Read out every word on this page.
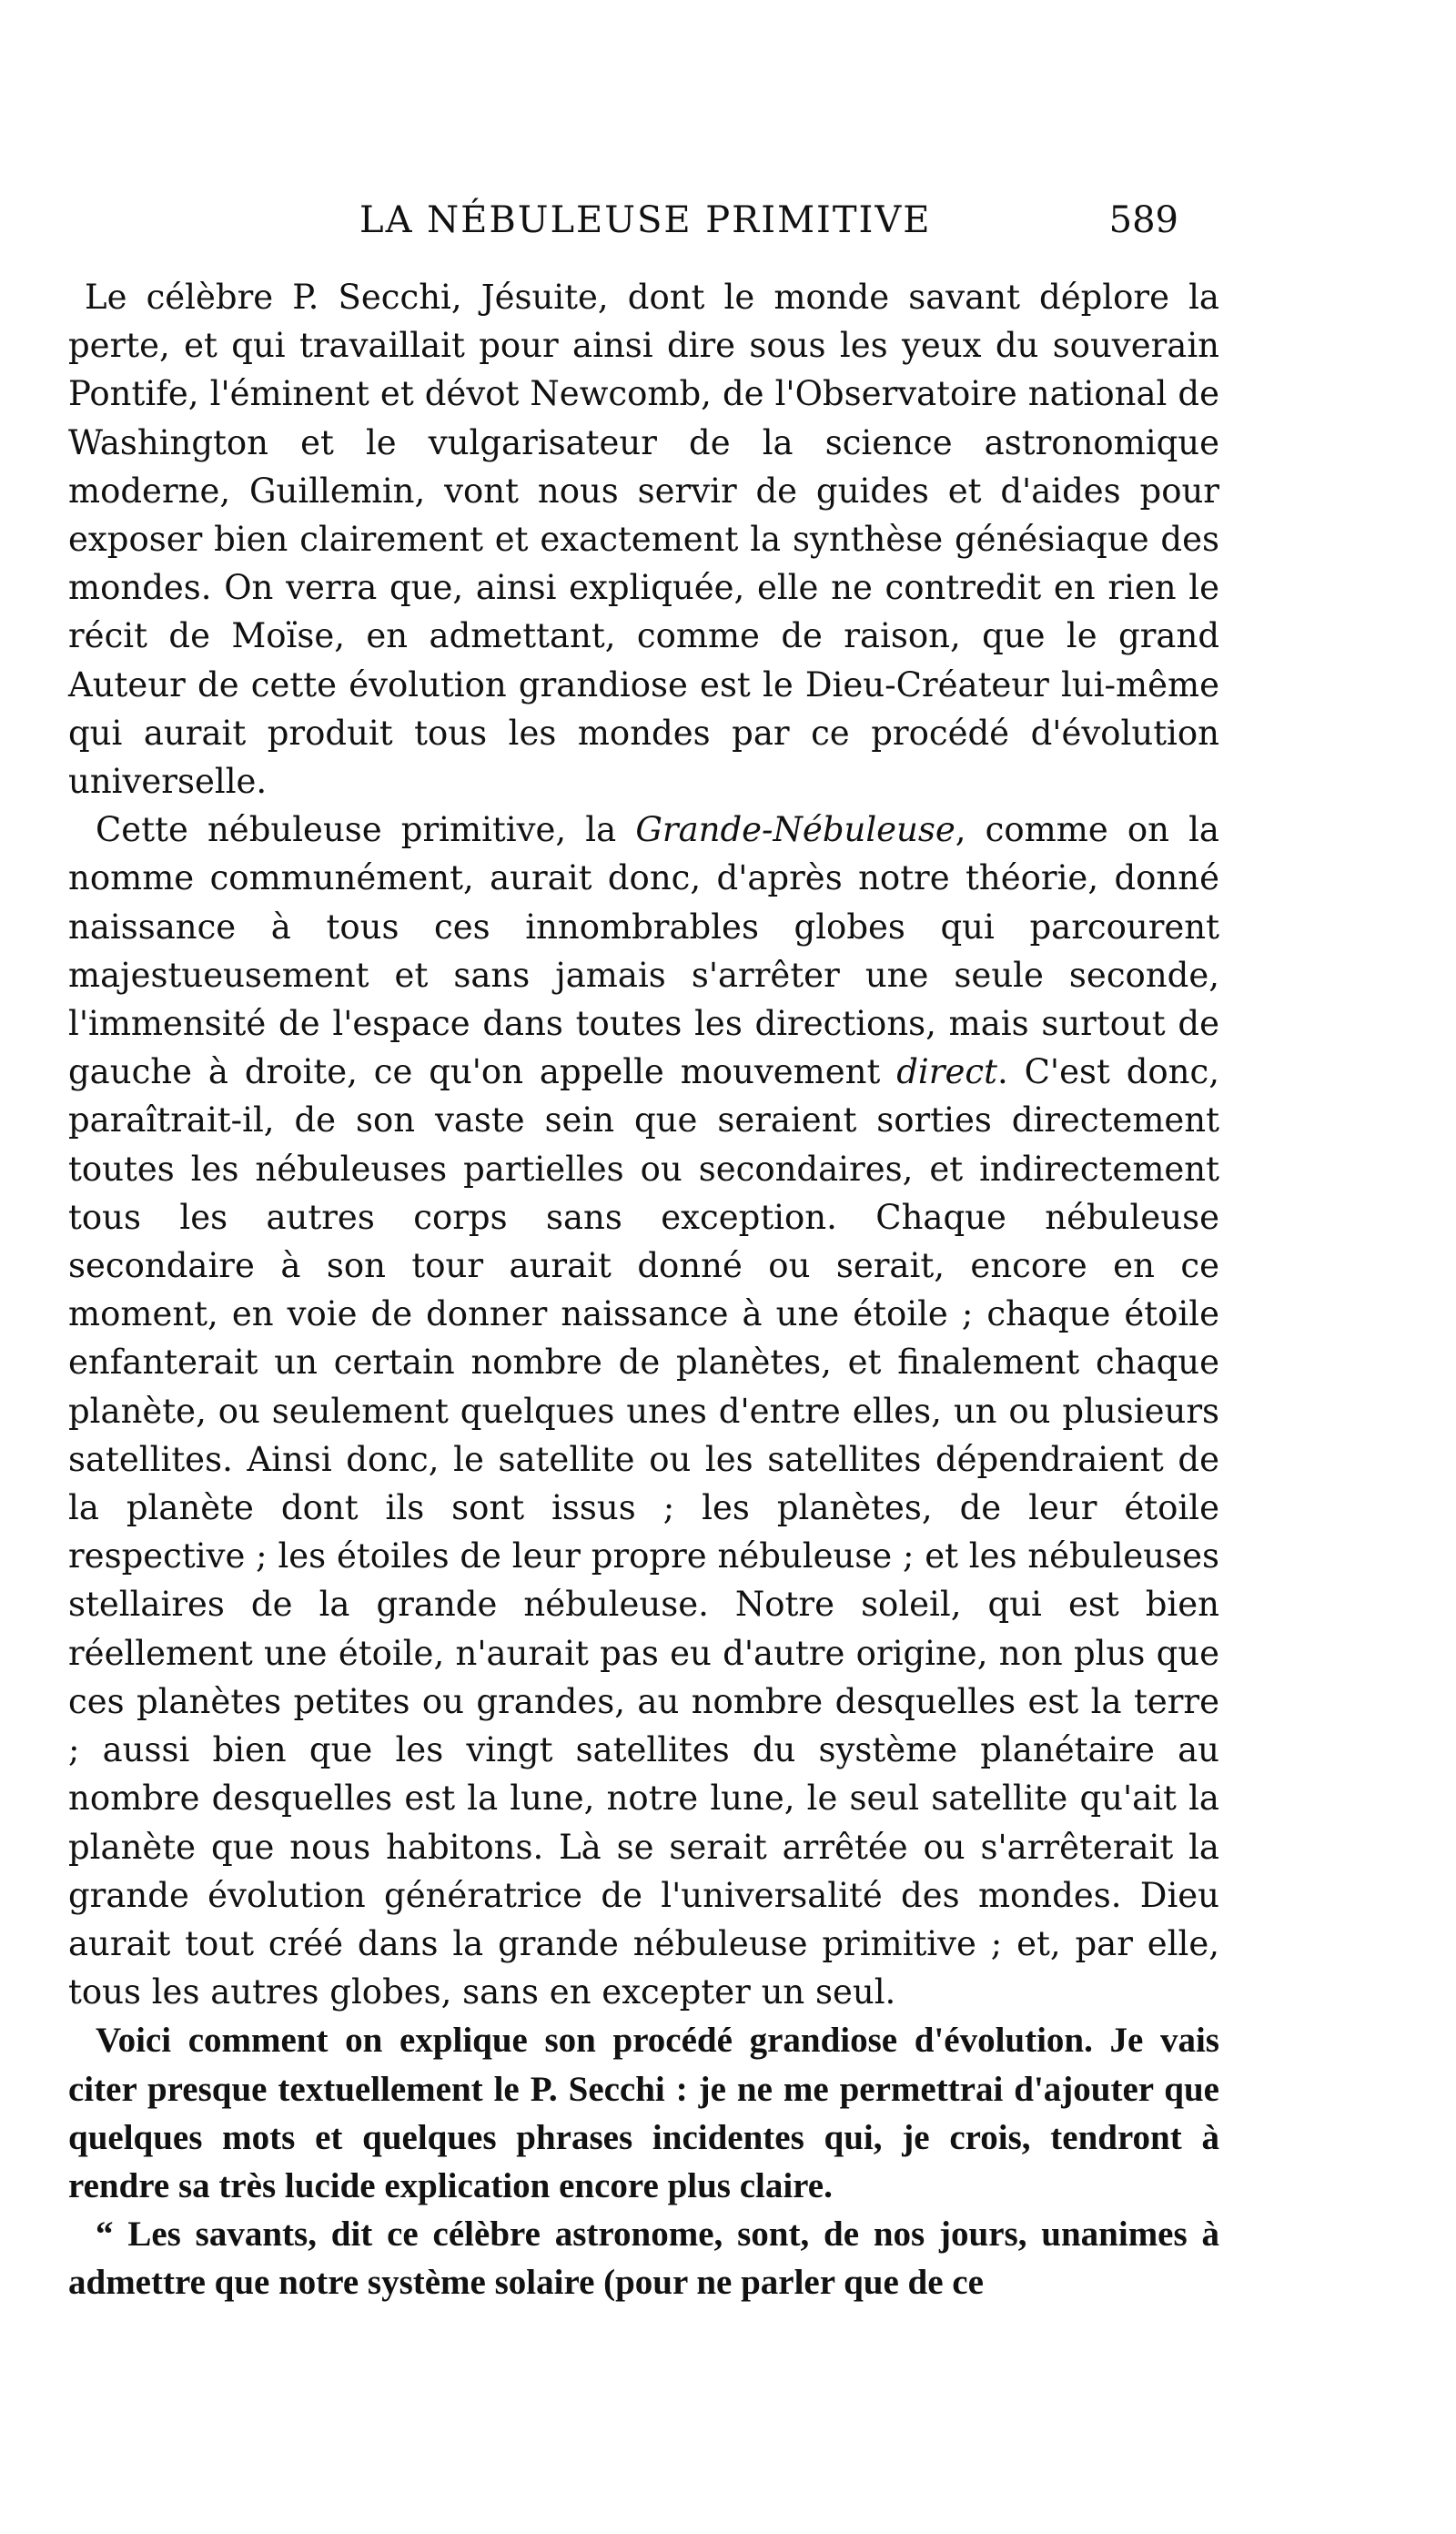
LA NÉBULEUSE PRIMITIVE	589

Le célèbre P. Secchi, Jésuite, dont le monde savant déplore la perte, et qui travaillait pour ainsi dire sous les yeux du souverain Pontife, l'éminent et dévot Newcomb, de l'Observatoire national de Washington et le vulgarisateur de la science astronomique moderne, Guillemin, vont nous servir de guides et d'aides pour exposer bien clairement et exactement la synthèse génésiaque des mondes. On verra que, ainsi expliquée, elle ne contredit en rien le récit de Moïse, en admettant, comme de raison, que le grand Auteur de cette évolution grandiose est le Dieu-Créateur lui-même qui aurait produit tous les mondes par ce procédé d'évolution universelle.

Cette nébuleuse primitive, la Grande-Nébuleuse, comme on la nomme communément, aurait donc, d'après notre théorie, donné naissance à tous ces innombrables globes qui parcourent majestueusement et sans jamais s'arrêter une seule seconde, l'immensité de l'espace dans toutes les directions, mais surtout de gauche à droite, ce qu'on appelle mouvement direct. C'est donc, paraîtrait-il, de son vaste sein que seraient sorties directement toutes les nébuleuses partielles ou secondaires, et indirectement tous les autres corps sans exception. Chaque nébuleuse secondaire à son tour aurait donné ou serait, encore en ce moment, en voie de donner naissance à une étoile ; chaque étoile enfanterait un certain nombre de planètes, et finalement chaque planète, ou seulement quelques unes d'entre elles, un ou plusieurs satellites. Ainsi donc, le satellite ou les satellites dépendraient de la planète dont ils sont issus ; les planètes, de leur étoile respective ; les étoiles de leur propre nébuleuse ; et les nébuleuses stellaires de la grande nébuleuse. Notre soleil, qui est bien réellement une étoile, n'aurait pas eu d'autre origine, non plus que ces planètes petites ou grandes, au nombre desquelles est la terre ; aussi bien que les vingt satellites du système planétaire au nombre desquelles est la lune, notre lune, le seul satellite qu'ait la planète que nous habitons. Là se serait arrêtée ou s'arrêterait la grande évolution génératrice de l'universalité des mondes. Dieu aurait tout créé dans la grande nébuleuse primitive ; et, par elle, tous les autres globes, sans en excepter un seul.

Voici comment on explique son procédé grandiose d'évolution. Je vais citer presque textuellement le P. Secchi : je ne me permettrai d'ajouter que quelques mots et quelques phrases incidentes qui, je crois, tendront à rendre sa très lucide explication encore plus claire.

“ Les savants, dit ce célèbre astronome, sont, de nos jours, unanimes à admettre que notre système solaire (pour ne parler que de ce
